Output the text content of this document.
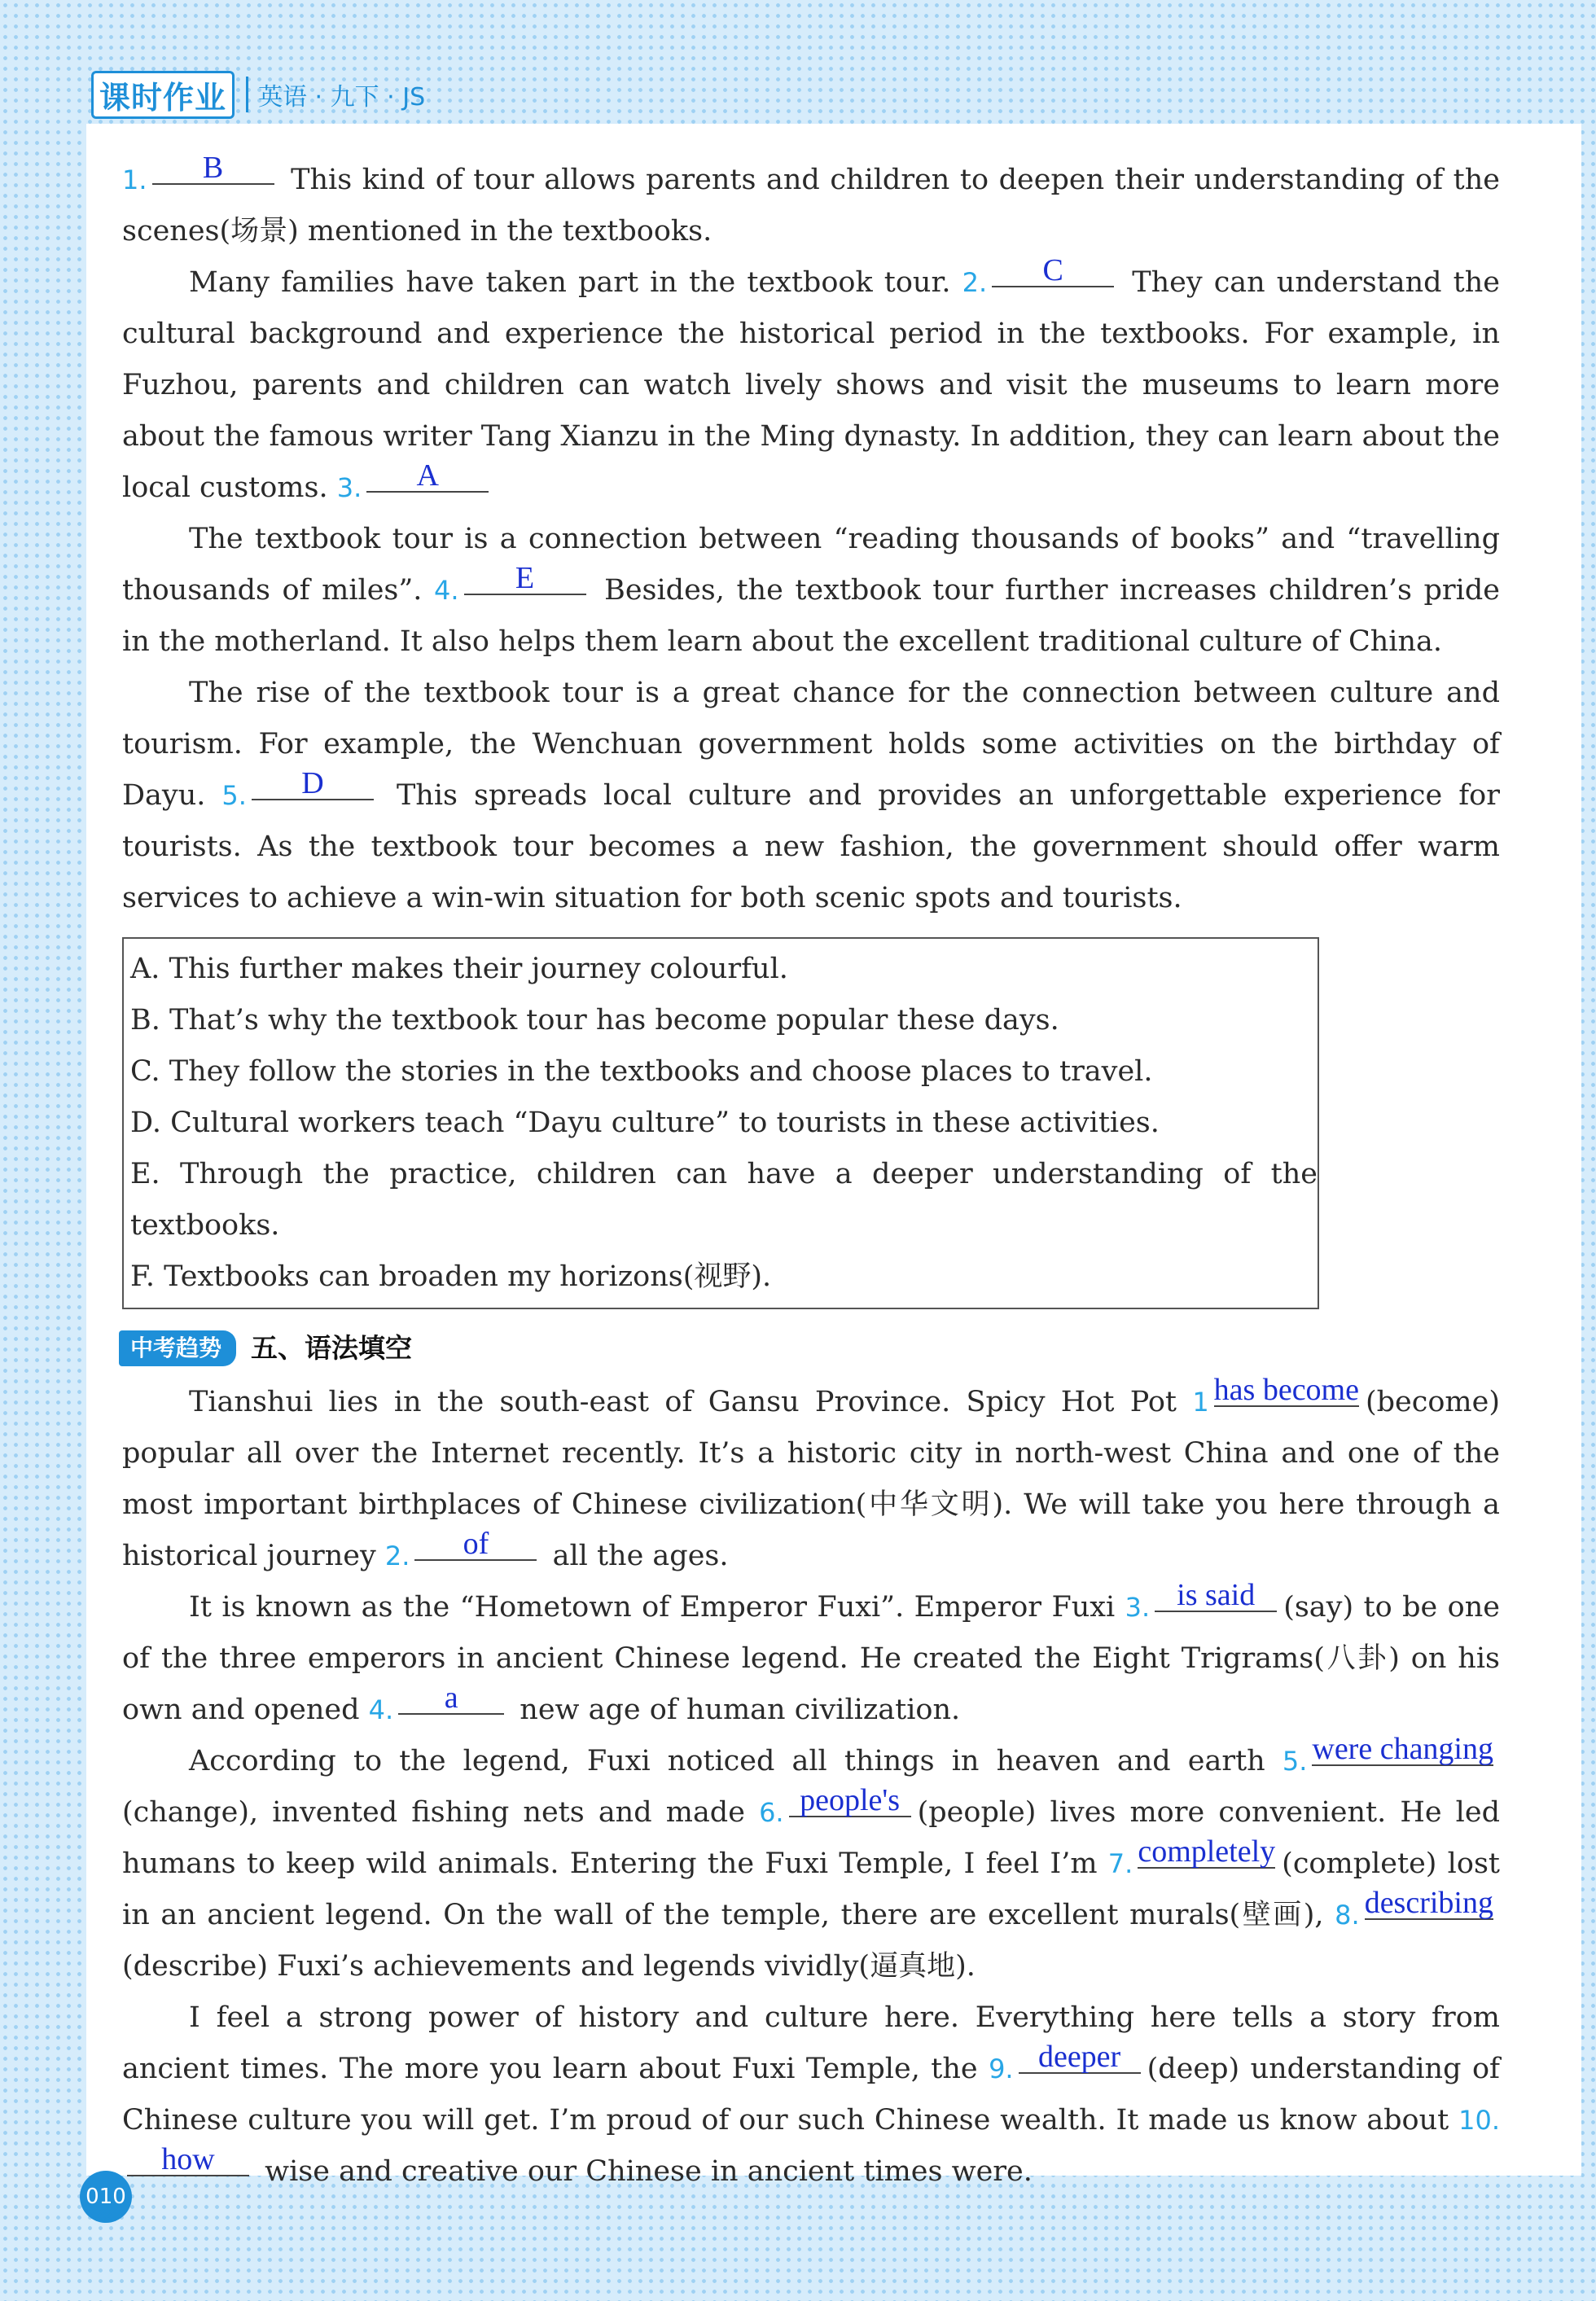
课时作业	英语 · 九下 · JS

1. B This kind of tour allows parents and children to deepen their understanding of the scenes(场景) mentioned in the textbooks.

Many families have taken part in the textbook tour. 2. C They can understand the cultural background and experience the historical period in the textbooks. For example, in Fuzhou, parents and children can watch lively shows and visit the museums to learn more about the famous writer Tang Xianzu in the Ming dynasty. In addition, they can learn about the local customs. 3. A

The textbook tour is a connection between “reading thousands of books” and “travelling thousands of miles”. 4. E Besides, the textbook tour further increases children’s pride in the motherland. It also helps them learn about the excellent traditional culture of China.

The rise of the textbook tour is a great chance for the connection between culture and tourism. For example, the Wenchuan government holds some activities on the birthday of Dayu. 5. D	This spreads local culture and provides an unforgettable experience for tourists. As the textbook tour becomes a new fashion, the government should offer warm services to achieve a win-win situation for both scenic spots and tourists.

A. This further makes their journey colourful.
B. That’s why the textbook tour has become popular these days.
C. They follow the stories in the textbooks and choose places to travel.
D. Cultural workers teach “Dayu culture” to tourists in these activities.
E. Through the practice, children can have a deeper understanding of the textbooks.
F. Textbooks can broaden my horizons(视野).
中考趋势	五、语法填空

Tianshui lies in the south-east of Gansu Province. Spicy Hot Pot 1 has become (become) popular all over the Internet recently. It’s a historic city in north-west China and one of the most important birthplaces of Chinese civilization(中华文明). We will take you here through a historical journey 2. of all the ages.

It is known as the “Hometown of Emperor Fuxi”. Emperor Fuxi 3. is said (say) to be one of the three emperors in ancient Chinese legend. He created the Eight Trigrams(八卦) on his own and opened 4. a new age of human civilization.

According to the legend, Fuxi noticed all things in heaven and earth 5. were changing(change), invented fishing nets and made 6. people's (people) lives more convenient. He led humans to keep wild animals. Entering the Fuxi Temple, I feel I’m 7. completely (complete) lost in an ancient legend. On the wall of the temple, there are excellent murals(壁画), 8. describing(describe) Fuxi’s achievements and legends vividly(逼真地).

I feel a strong power of history and culture here. Everything here tells a story from ancient times. The more you learn about Fuxi Temple, the 9. deeper (deep) understanding of Chinese culture you will get. I’m proud of our such Chinese wealth. It made us know about 10.how wise and creative our Chinese in ancient times were.

010
